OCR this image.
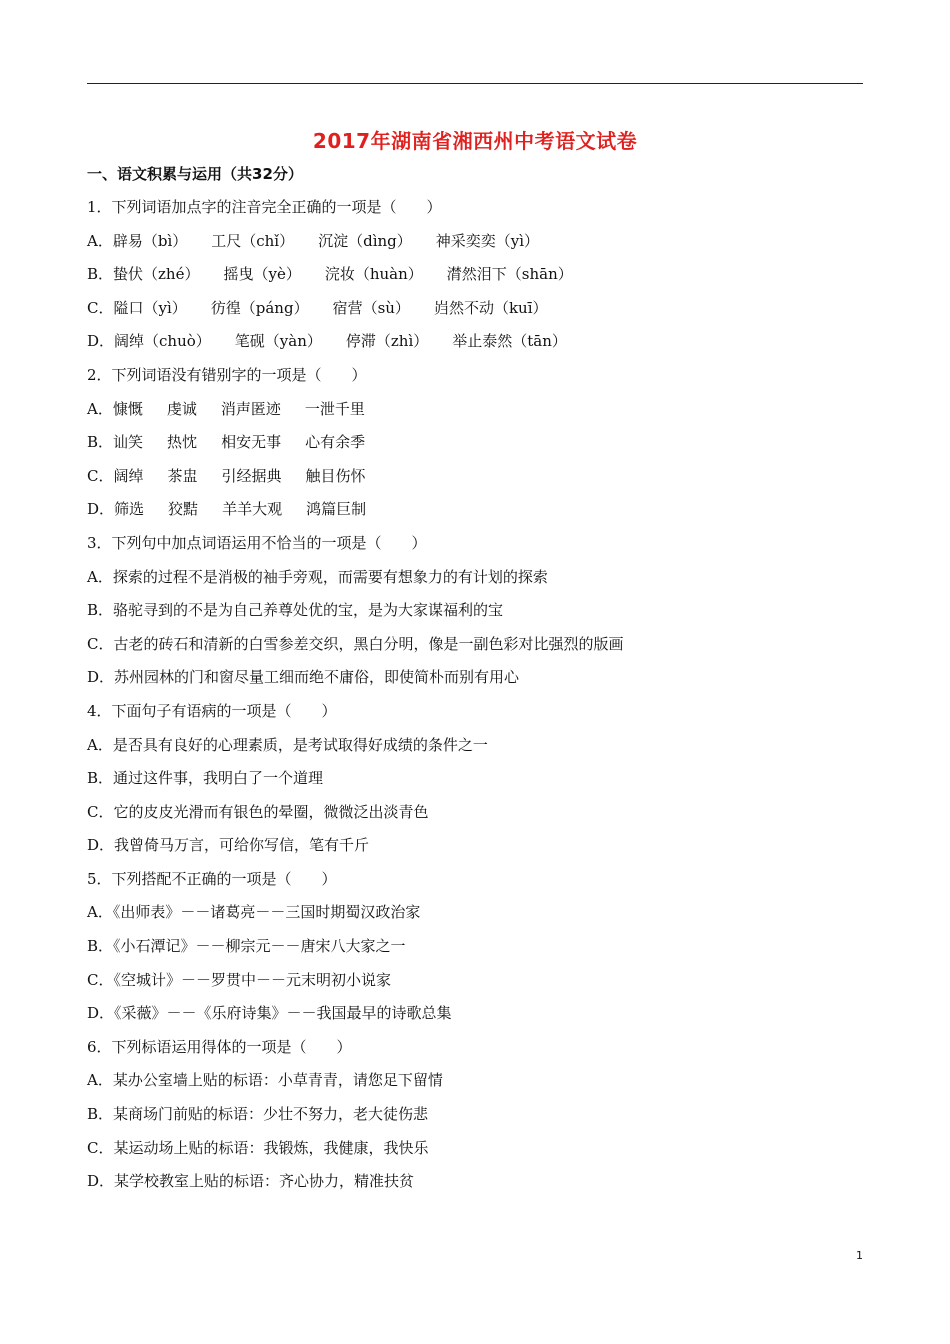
2017年湖南省湘西州中考语文试卷
一、语文积累与运用（共32分）
1．下列词语加点字的注音完全正确的一项是（　　）
A．辟易（bì） 工尺（chǐ） 沉淀（dìng） 神采奕奕（yì）
B．蛰伏（zhé） 摇曳（yè） 浣妆（huàn） 潸然泪下（shān）
C．隘口（yì） 彷徨（páng） 宿营（sù） 岿然不动（kuī）
D．阔绰（chuò） 笔砚（yàn） 停滞（zhì） 举止泰然（tān）
2．下列词语没有错别字的一项是（　　）
A．慷慨 虔诚 消声匿迹 一泄千里
B．讪笑 热忱 相安无事 心有余季
C．阔绰 茶盅 引经据典 触目伤怀
D．筛选 狡黠 羊羊大观 鸿篇巨制
3．下列句中加点词语运用不恰当的一项是（　　）
A．探索的过程不是消极的袖手旁观，而需要有想象力的有计划的探索
B．骆驼寻到的不是为自己养尊处优的宝，是为大家谋福利的宝
C．古老的砖石和清新的白雪参差交织，黑白分明，像是一副色彩对比强烈的版画
D．苏州园林的门和窗尽量工细而绝不庸俗，即使简朴而别有用心
4．下面句子有语病的一项是（　　）
A．是否具有良好的心理素质，是考试取得好成绩的条件之一
B．通过这件事，我明白了一个道理
C．它的皮皮光滑而有银色的晕圈，微微泛出淡青色
D．我曾倚马万言，可给你写信，笔有千斤
5．下列搭配不正确的一项是（　　）
A．《出师表》－－诸葛亮－－三国时期蜀汉政治家
B．《小石潭记》－－柳宗元－－唐宋八大家之一
C．《空城计》－－罗贯中－－元末明初小说家
D．《采薇》－－《乐府诗集》－－我国最早的诗歌总集
6．下列标语运用得体的一项是（　　）
A．某办公室墙上贴的标语：小草青青，请您足下留情
B．某商场门前贴的标语：少壮不努力，老大徒伤悲
C．某运动场上贴的标语：我锻炼，我健康，我快乐
D．某学校教室上贴的标语：齐心协力，精准扶贫
1
